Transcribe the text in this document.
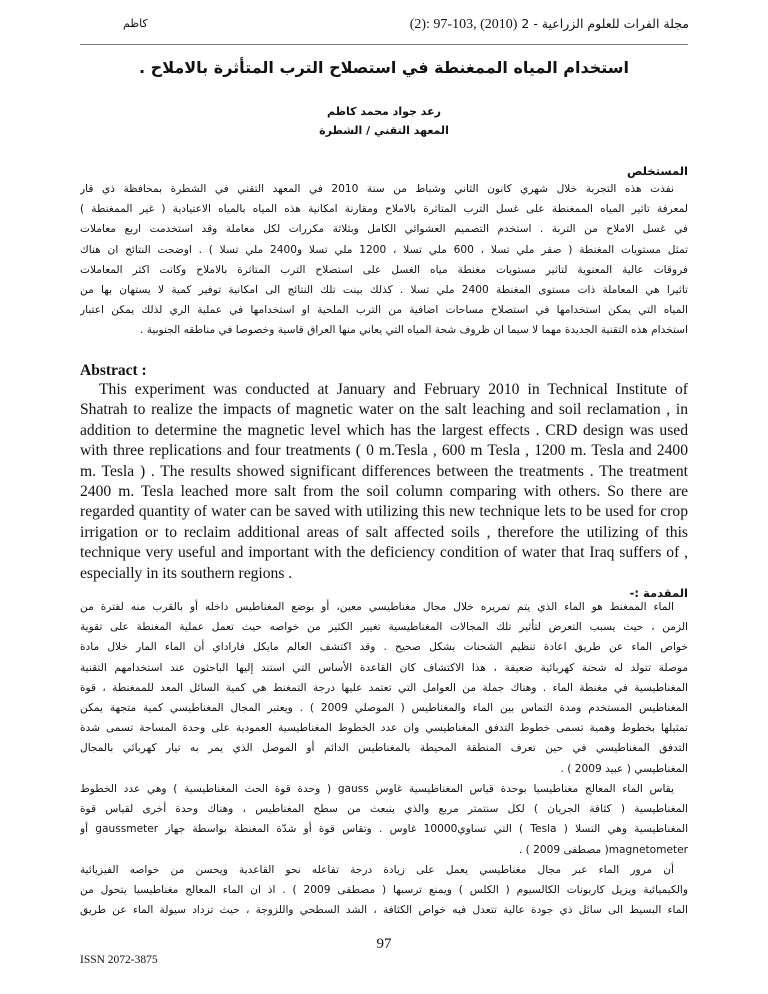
كاظم	مجلة الفرات للعلوم الزراعية - 2 (2): 97-103, (2010)
استخدام المياه الممغنطة في استصلاح الترب المتأثرة بالاملاح .
رعد جواد محمد كاظم
المعهد التقني / الشطرة
المستخلص
نفذت هذه التجربة خلال شهري كانون الثاني وشباط من سنة 2010 في المعهد التقني في الشطرة بمحافظة ذي قار
لمعرفة تاثير المياه الممغنطة على غسل الترب المتاثرة بالاملاح ومقارنة امكانية هذه المياه بالمياه الاعتيادية ( غير الممغنطة )
في غسل الاملاح من التربة . استخدم التصميم العشوائي الكامل وبثلاثة مكررات لكل معاملة وقد استخدمت اربع معاملات
تمثل مستويات المغنطة ( صفر ملي تسلا ، 600 ملي تسلا ، 1200 ملي تسلا و2400 ملي تسلا ) . اوضحت النتائج ان هناك
فروقات عالية المعنوية لتاثير مستويات مغنطة مياه الغسل على استصلاح الترب المتاثرة بالاملاح وكانت اكثر المعاملات
تاثيرا هي المعاملة ذات مستوى المغنطة 2400 ملي تسلا . كذلك بينت تلك النتائج الى امكانية توفير كمية لا يستهان بها من
المياه التي يمكن استخدامها في استصلاح مساحات اضافية من الترب الملحية او استخدامها في عملية الري لذلك يمكن اعتبار
استخدام هذه التقنية الجديدة مهما لا سيما ان ظروف شحة المياه التي يعاني منها العراق قاسية وخصوصا في مناطقه الجنوبية .
Abstract :
This experiment was conducted at January and February 2010 in Technical Institute of
Shatrah to realize the impacts of magnetic water on the salt leaching and soil reclamation , in
addition to determine the magnetic level which has the largest effects . CRD design was used
with three replications and four treatments ( 0 m.Tesla , 600 m Tesla , 1200 m. Tesla and 2400
m. Tesla ) . The results showed significant differences between the treatments . The treatment
2400 m. Tesla leached more salt from the soil column comparing with others. So there are
regarded quantity of water can be saved with utilizing this new technique lets to be used for crop
irrigation or to reclaim additional areas of salt affected soils , therefore the utilizing of this
technique very useful and important with the deficiency condition of water that Iraq suffers of ,
especially in its southern regions .
المقدمة :-
الماء الممغنط هو الماء الذي يتم تمريره خلال مجال مغناطيسي معين، أو بوضع المغناطيس داخله أو بالقرب منه لفترة من
الزمن ، حيث يسبب التعرض لتأثير تلك المجالات المغناطيسية تغيير الكثير من خواصه حيث تعمل عملية المغنطة على تقوية
خواص الماء عن طريق اعادة تنظيم الشحنات بشكل صحيح . وقد اكتشف العالم مايكل فاراداي أن الماء المار خلال مادة
موصلة تتولد له شحنة كهربائية ضعيفة ، هذا الاكتشاف كان القاعدة الأساس التي استند إليها الباحثون عند استخدامهم التقنية
المغناطيسية في مغنطة الماء . وهناك جملة من العوامل التي تعتمد عليها درجة التمغنط هي كمية السائل المعد للممغنطة ، قوة
المغناطيس المستخدم ومدة التماس بين الماء والمغناطيس ( الموصلي 2009 ) . ويعتبر المجال المغناطيسي كمية متجهة يمكن
تمثيلها بخطوط وهمية تسمى خطوط التدفق المغناطيسي وان عدد الخطوط المغناطيسية العمودية على وحدة المساحة تسمى شدة
التدفق المغناطيسي في حين تعرف المنطقة المحيطة بالمغناطيس الدائم أو الموصل الذي يمر به تيار كهربائي بالمجال
المغناطيسي ( عبيد 2009 ) .
يقاس الماء المعالج مغناطيسيا بوحدة قياس المغناطيسية غاوس gauss ( وحدة قوة الحث المغناطيسية ) وهي عدد الخطوط
المغناطيسية ( كثافة الجريان ) لكل سنتمتر مربع والذي ينبعث من سطح المغناطيس ، وهناك وحدة أخرى لقياس قوة
المغناطيسية وهي التسلا ( Tesla ) التي تساوي10000 غاوس . وتقاس قوة أو شدّة المغنطة بواسطة جهاز gaussmeter أو
magnetometer( مصطفى 2009 ) .
أن مرور الماء عبر مجال مغناطيسي يعمل على زيادة درجة تفاعله نحو القاعدية ويحسن من خواصه الفيزيائية
والكيميائية ويزيل كاربونات الكالسيوم ( الكلس ) ويمنع ترسبها ( مصطفى 2009 ) . اذ ان الماء المعالج مغناطيسيا يتحول من
الماء البسيط الى سائل ذي جودة عالية تتعدل فيه خواص الكثافة ، الشد السطحي واللزوجة ، حيث تزداد سيولة الماء عن طريق
97
ISSN 2072-3875
